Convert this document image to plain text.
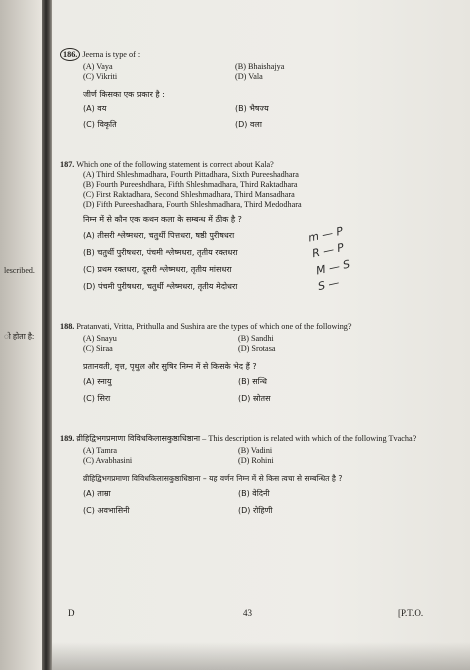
lescribed.
ो होता है:
186. Jeerna is type of :
(A) Vaya	(B) Bhaishajya
(C) Vikriti	(D) Vala
जीर्ण किसका एक प्रकार है :
(A) वय	(B) भैषज्य
(C) विकृति	(D) वला
187. Which one of the following statement is correct about Kala?
(A) Third Shleshmadhara, Fourth Pittadhara, Sixth Pureeshadhara
(B) Fourth Pureeshdhara, Fifth Shleshmadhara, Third Raktadhara
(C) First Raktadhara, Second Shleshmadhara, Third Mansadhara
(D) Fifth Pureeshadhara, Fourth Shleshmadhara, Third Medodhara
निम्न में से कौन एक कथन कला के सम्बन्ध में ठीक है ?
(A) तीसरी श्लेष्मधरा, चतुर्थी पित्तधरा, षष्ठी पुरीषधरा
(B) चतुर्थी पुरीषधरा, पंचमी श्लेष्मधरा, तृतीय रक्तधरा
(C) प्रथम रक्तधरा, दूसरी श्लेष्मधरा, तृतीय मांसधरा
(D) पंचमी पुरीषधरा, चतुर्थी श्लेष्मधरा, तृतीय मेदोधरा
m — P
R — P
M — S
S —
188. Pratanvati, Vritta, Prithulla and Sushira are the types of which one of the following?
(A) Snayu	(B) Sandhi
(C) Siraa	(D) Srotasa
प्रतानवती, वृत्त, पृथुल और सुषिर निम्न में से किसके भेद हैं ?
(A) स्नायु	(B) सन्धि
(C) सिरा	(D) स्रोतस
189. व्रीहिद्विभगप्रमाणा विविधकिलासकुष्ठाधिष्ठाना – This description is related with which of the following Tvacha?
(A) Tamra	(B) Vadini
(C) Avabhasini	(D) Rohini
व्रीहिद्विभगप्रमाणा विविधकिलासकुष्ठाधिष्ठाना – यह वर्णन निम्न में से किस त्वचा से सम्बन्धित है ?
(A) ताम्रा	(B) वेदिनी
(C) अवभासिनी	(D) रोहिणी
D	43	[P.T.O.
